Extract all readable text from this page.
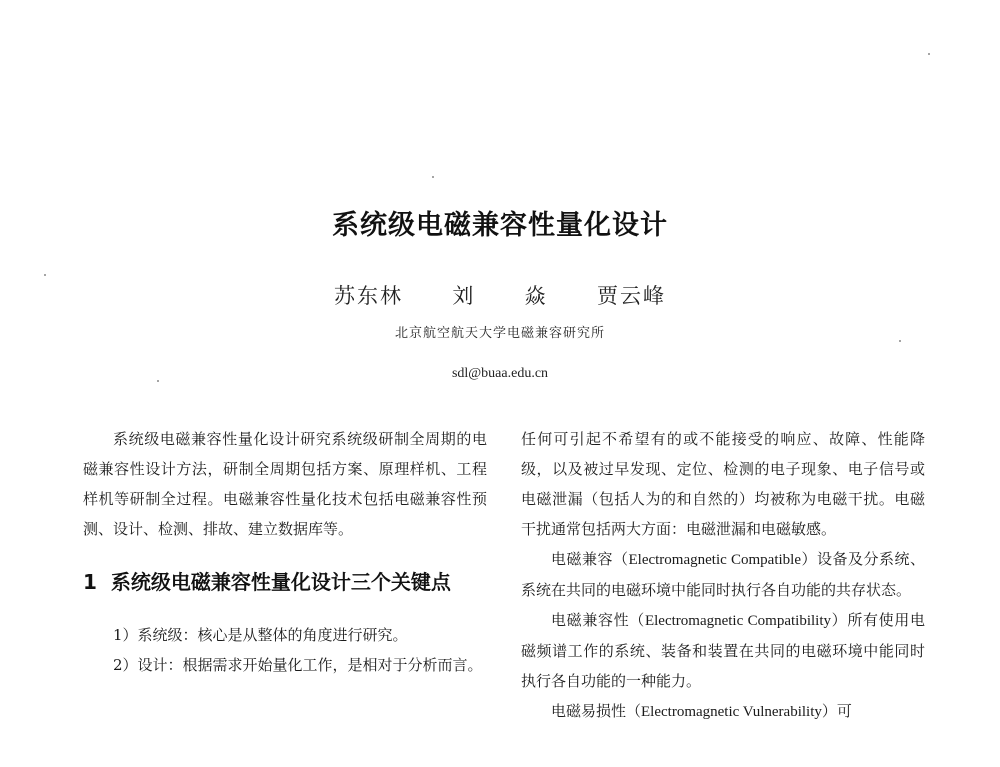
系统级电磁兼容性量化设计
苏东林  刘  焱  贾云峰
北京航空航天大学电磁兼容研究所
sdl@buaa.edu.cn

系统级电磁兼容性量化设计研究系统级研制全周期的电磁兼容性设计方法，研制全周期包括方案、原理样机、工程样机等研制全过程。电磁兼容性量化技术包括电磁兼容性预测、设计、检测、排故、建立数据库等。

1 系统级电磁兼容性量化设计三个关键点

1）系统级：核心是从整体的角度进行研究。

2）设计：根据需求开始量化工作，是相对于分析而言。

任何可引起不希望有的或不能接受的响应、故障、性能降级，以及被过早发现、定位、检测的电子现象、电子信号或电磁泄漏（包括人为的和自然的）均被称为电磁干扰。电磁干扰通常包括两大方面：电磁泄漏和电磁敏感。

电磁兼容（Electromagnetic Compatible）设备及分系统、系统在共同的电磁环境中能同时执行各自功能的共存状态。

电磁兼容性（Electromagnetic Compatibility）所有使用电磁频谱工作的系统、装备和装置在共同的电磁环境中能同时执行各自功能的一种能力。

电磁易损性（Electromagnetic Vulnerability）可
